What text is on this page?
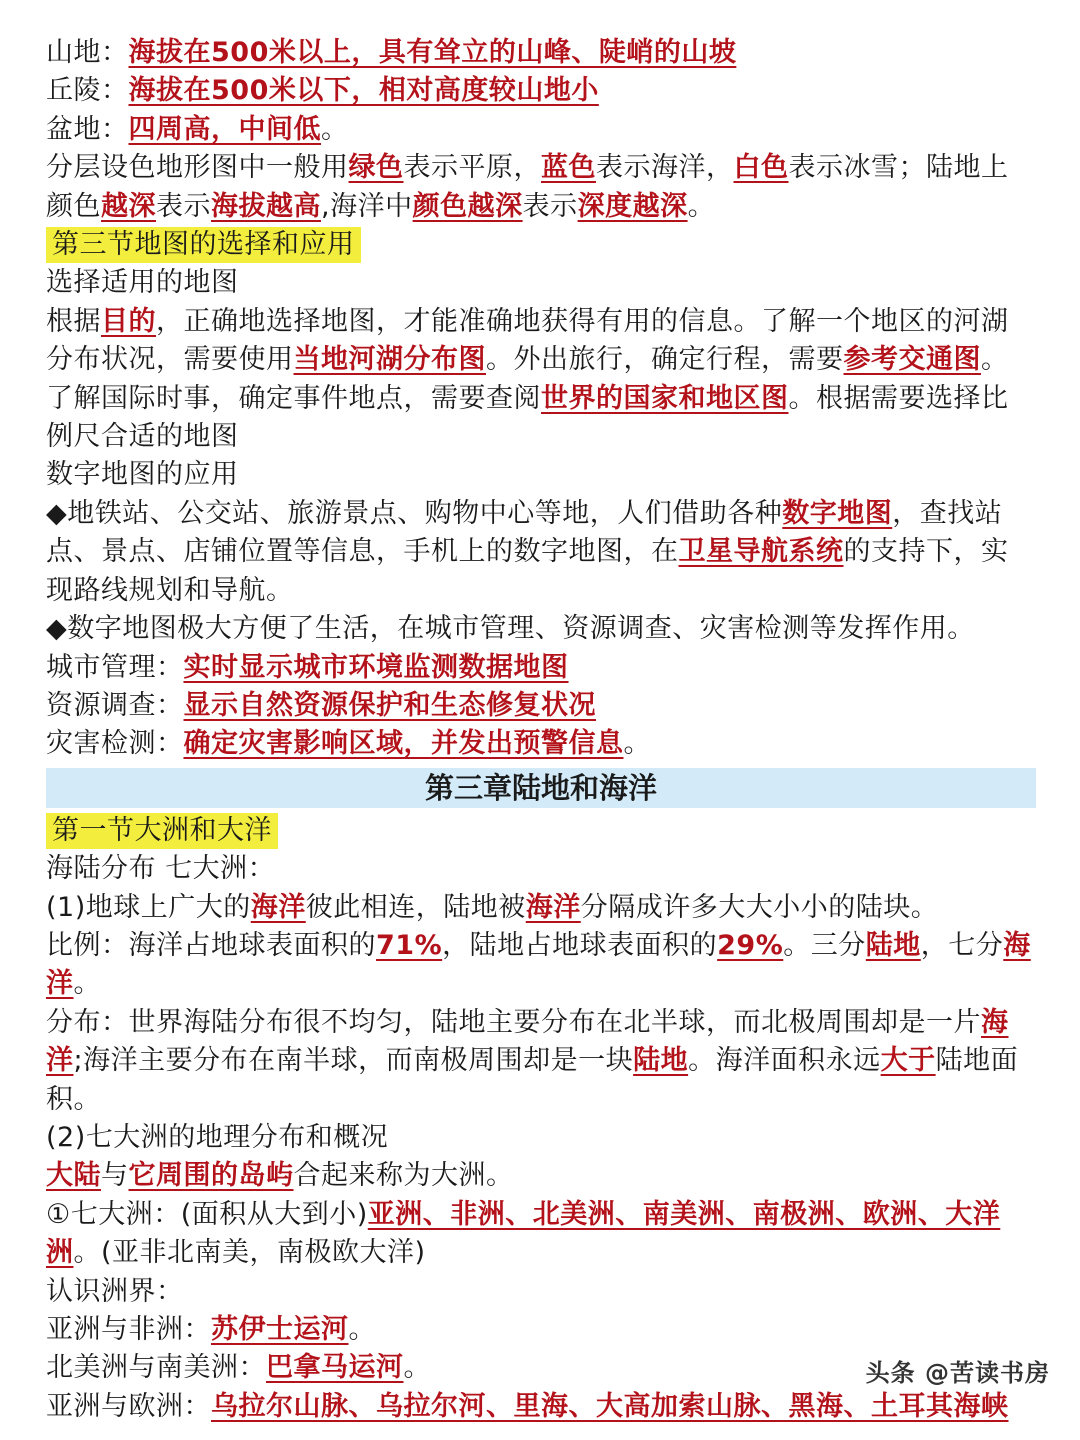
山地：海拔在500米以上，具有耸立的山峰、陡峭的山坡
丘陵：海拔在500米以下，相对高度较山地小
盆地：四周高，中间低。
分层设色地形图中一般用绿色表示平原，蓝色表示海洋，白色表示冰雪；陆地上
颜色越深表示海拔越高,海洋中颜色越深表示深度越深。
第三节地图的选择和应用
选择适用的地图
根据目的，正确地选择地图，才能准确地获得有用的信息。了解一个地区的河湖
分布状况，需要使用当地河湖分布图。外出旅行，确定行程，需要参考交通图。
了解国际时事，确定事件地点，需要查阅世界的国家和地区图。根据需要选择比
例尺合适的地图
数字地图的应用
◆地铁站、公交站、旅游景点、购物中心等地，人们借助各种数字地图，查找站
点、景点、店铺位置等信息，手机上的数字地图，在卫星导航系统的支持下，实
现路线规划和导航。
◆数字地图极大方便了生活，在城市管理、资源调查、灾害检测等发挥作用。
城市管理：实时显示城市环境监测数据地图
资源调查：显示自然资源保护和生态修复状况
灾害检测：确定灾害影响区域，并发出预警信息。
第三章陆地和海洋
第一节大洲和大洋
海陆分布 七大洲：
(1)地球上广大的海洋彼此相连，陆地被海洋分隔成许多大大小小的陆块。
比例：海洋占地球表面积的71%，陆地占地球表面积的29%。三分陆地，七分海
洋。
分布：世界海陆分布很不均匀，陆地主要分布在北半球，而北极周围却是一片海
洋;海洋主要分布在南半球，而南极周围却是一块陆地。海洋面积永远大于陆地面
积。
(2)七大洲的地理分布和概况
大陆与它周围的岛屿合起来称为大洲。
①七大洲：(面积从大到小)亚洲、非洲、北美洲、南美洲、南极洲、欧洲、大洋
洲。(亚非北南美，南极欧大洋)
认识洲界：
亚洲与非洲：苏伊士运河。
北美洲与南美洲：巴拿马运河。
亚洲与欧洲：乌拉尔山脉、乌拉尔河、里海、大高加索山脉、黑海、土耳其海峡
头条 @苦读书房
